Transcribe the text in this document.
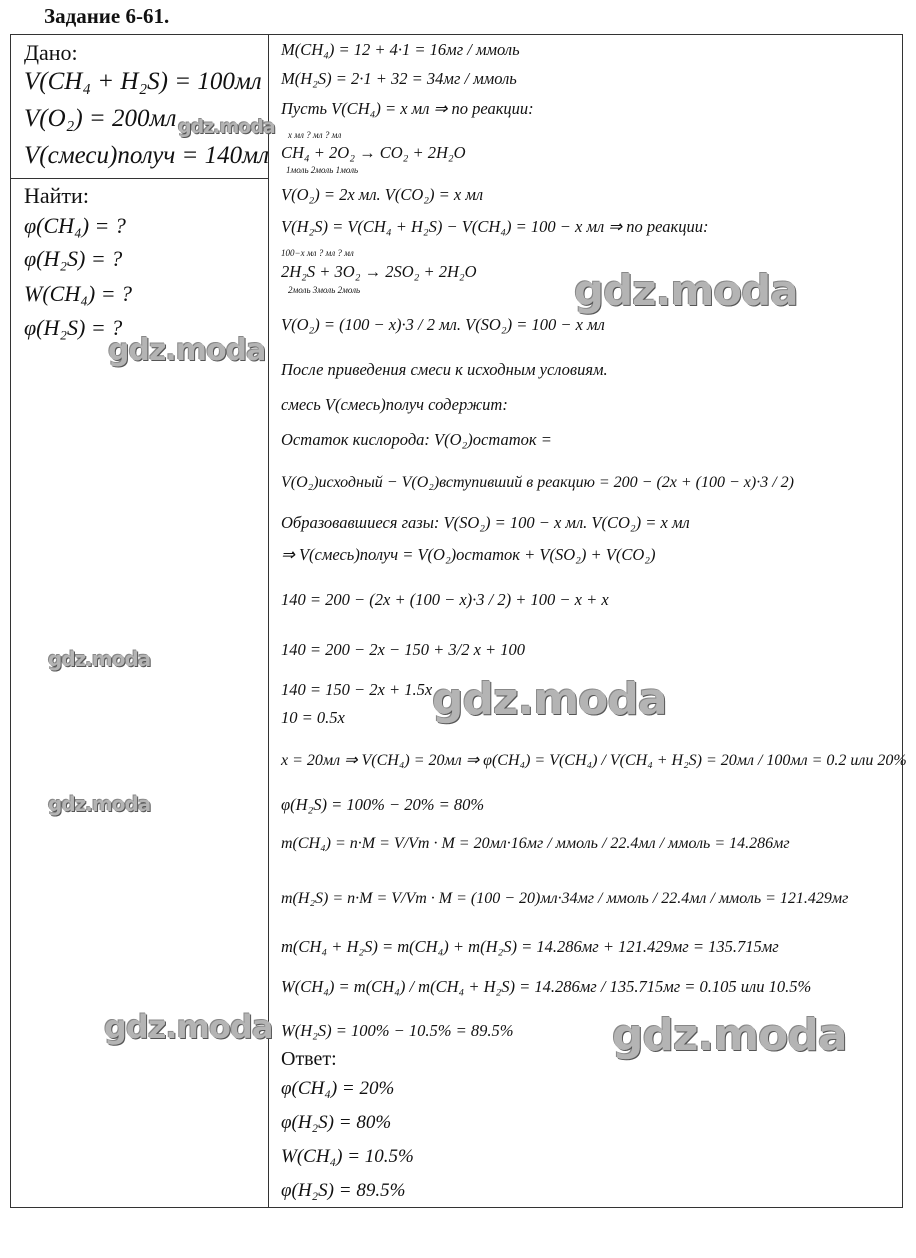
Задание 6-61.
Дано:
V(CH₄ + H₂S) = 100мл
V(O₂) = 200мл
V(смеси)получ = 140мл
Найти:
φ(CH₄) = ?
φ(H₂S) = ?
W(CH₄) = ?
φ(H₂S) = ?
M(CH₄) = 12 + 4·1 = 16мг / ммоль
M(H₂S) = 2·1 + 32 = 34мг / ммоль
Пусть V(CH₄) = x мл ⇒ по реакции:
x мл ? мл ? мл
CH₄ + 2O₂ → CO₂ + 2H₂O
1моль 2моль 1моль
V(O₂) = 2x мл. V(CO₂) = x мл
V(H₂S) = V(CH₄ + H₂S) − V(CH₄) = 100 − x мл ⇒ по реакции:
100−x мл ? мл ? мл
2H₂S + 3O₂ → 2SO₂ + 2H₂O
2моль 3моль 2моль
V(O₂) = (100 − x)·3 / 2 мл. V(SO₂) = 100 − x мл
После приведения смеси к исходным условиям.
смесь V(смесь)получ содержит:
Остаток кислорода: V(O₂)остаток =
V(O₂)исходный − V(O₂)вступивший в реакцию = 200 − (2x + (100 − x)·3 / 2)
Образовавшиеся газы: V(SO₂) = 100 − x мл. V(CO₂) = x мл
⇒ V(смесь)получ = V(O₂)остаток + V(SO₂) + V(CO₂)
140 = 200 − (2x + (100 − x)·3 / 2) + 100 − x + x
140 = 200 − 2x − 150 + 3/2 x + 100
140 = 150 − 2x + 1.5x
10 = 0.5x
x = 20мл ⇒ V(CH₄) = 20мл ⇒ φ(CH₄) = V(CH₄) / V(CH₄ + H₂S) = 20мл / 100мл = 0.2 или 20%
φ(H₂S) = 100% − 20% = 80%
m(CH₄) = n·M = V/Vm · M = 20мл·16мг / ммоль / 22.4мл / ммоль = 14.286мг
m(H₂S) = n·M = V/Vm · M = (100 − 20)мл·34мг / ммоль / 22.4мл / ммоль = 121.429мг
m(CH₄ + H₂S) = m(CH₄) + m(H₂S) = 14.286мг + 121.429мг = 135.715мг
W(CH₄) = m(CH₄) / m(CH₄ + H₂S) = 14.286мг / 135.715мг = 0.105 или 10.5%
W(H₂S) = 100% − 10.5% = 89.5%
Ответ:
φ(CH₄) = 20%
φ(H₂S) = 80%
W(CH₄) = 10.5%
φ(H₂S) = 89.5%
gdz.moda
gdz.moda
gdz.moda
gdz.moda
gdz.moda
gdz.moda
gdz.moda	gdz.moda
